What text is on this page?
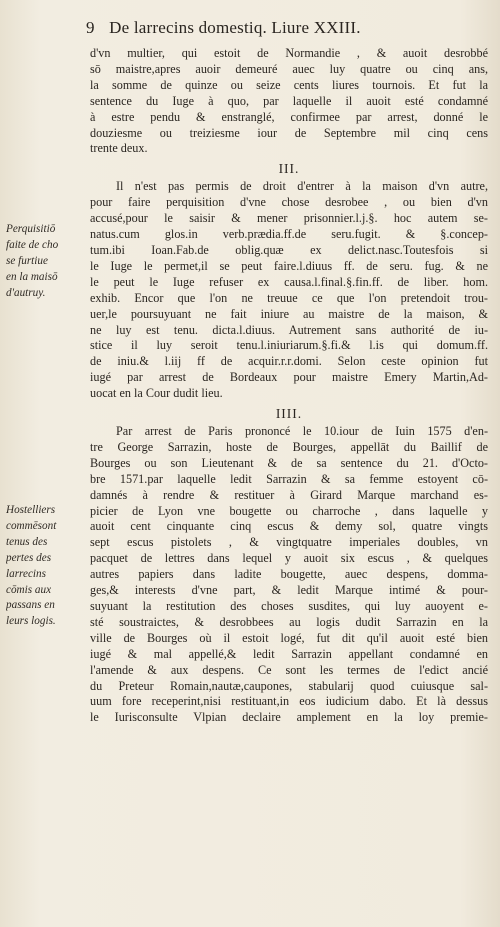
9 De larrecins domestiq. Liure XXIII.
Perquisitiō
faite de cho
se furtiue
en la maisō
d'autruy.
Hostelliers
commēsont
tenus des
pertes des
larrecins
cōmis aux
passans en
leurs logis.
d'vn multier, qui estoit de Normandie , & auoit desrobbé
sō maistre,apres auoir demeuré auec luy quatre ou cinq ans,
la somme de quinze ou seize cents liures tournois. Et fut la
sentence du Iuge à quo, par laquelle il auoit esté condamné
à estre pendu & enstranglé, confirmee par arrest, donné le
douziesme ou treiziesme iour de Septembre mil cinq cens
trente deux.
III.
Il n'est pas permis de droit d'entrer à la maison d'vn autre,
pour faire perquisition d'vne chose desrobee , ou bien d'vn
accusé,pour le saisir & mener prisonnier.l.j.§. hoc autem se-
natus.cum glos.in verb.prædia.ff.de seru.fugit. & §.concep-
tum.ibi Ioan.Fab.de oblig.quæ ex delict.nasc.Toutesfois si
le Iuge le permet,il se peut faire.l.diuus ff. de seru. fug. & ne
le peut le Iuge refuser ex causa.l.final.§.fin.ff. de liber. hom.
exhib. Encor que l'on ne treuue ce que l'on pretendoit trou-
uer,le poursuyuant ne fait iniure au maistre de la maison, &
ne luy est tenu. dicta.l.diuus. Autrement sans authorité de iu-
stice il luy seroit tenu.l.iniuriarum.§.fi.& l.is qui domum.ff.
de iniu.& l.iij ff de acquir.r.r.domi. Selon ceste opinion fut
iugé par arrest de Bordeaux pour maistre Emery Martin,Ad-
uocat en la Cour dudit lieu.
IIII.
Par arrest de Paris prononcé le 10.iour de Iuin 1575 d'en-
tre George Sarrazin, hoste de Bourges, appellāt du Baillif de
Bourges ou son Lieutenant & de sa sentence du 21. d'Octo-
bre 1571.par laquelle ledit Sarrazin & sa femme estoyent cō-
damnés à rendre & restituer à Girard Marque marchand es-
picier de Lyon vne bougette ou charroche , dans laquelle y
auoit cent cinquante cinq escus & demy sol, quatre vingts
sept escus pistolets , & vingtquatre imperiales doubles, vn
pacquet de lettres dans lequel y auoit six escus , & quelques
autres papiers dans ladite bougette, auec despens, domma-
ges,& interests d'vne part, & ledit Marque intimé & pour-
suyuant la restitution des choses susdites, qui luy auoyent e-
sté soustraictes, & desrobbees au logis dudit Sarrazin en la
ville de Bourges où il estoit logé, fut dit qu'il auoit esté bien
iugé & mal appellé,& ledit Sarrazin appellant condamné en
l'amende & aux despens. Ce sont les termes de l'edict ancié
du Preteur Romain,nautæ,caupones, stabularij quod cuiusque sal-
uum fore receperint,nisi restituant,in eos iudicium dabo. Et là dessus
le Iurisconsulte Vlpian declaire amplement en la loy premie-
